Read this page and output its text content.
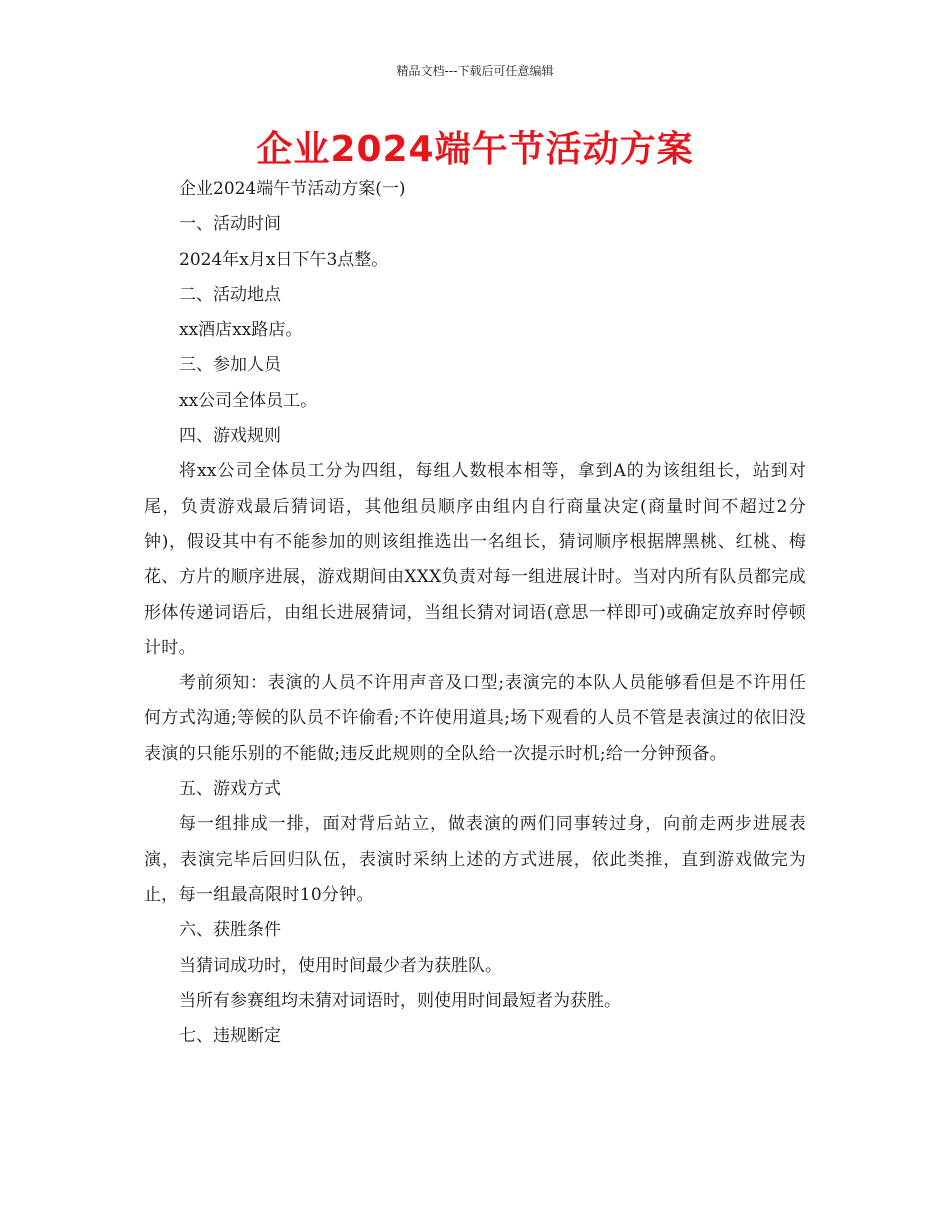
精品文档---下载后可任意编辑
企业2024端午节活动方案

企业2024端午节活动方案(一)

一、活动时间

2024年x月x日下午3点整。

二、活动地点

xx酒店xx路店。

三、参加人员

xx公司全体员工。

四、游戏规则

将xx公司全体员工分为四组，每组人数根本相等，拿到A的为该组组长，站到对尾，负责游戏最后猜词语，其他组员顺序由组内自行商量决定(商量时间不超过2分钟)，假设其中有不能参加的则该组推选出一名组长，猜词顺序根据牌黑桃、红桃、梅花、方片的顺序进展，游戏期间由XXX负责对每一组进展计时。当对内所有队员都完成形体传递词语后，由组长进展猜词，当组长猜对词语(意思一样即可)或确定放弃时停顿计时。

考前须知：表演的人员不许用声音及口型;表演完的本队人员能够看但是不许用任何方式沟通;等候的队员不许偷看;不许使用道具;场下观看的人员不管是表演过的依旧没表演的只能乐别的不能做;违反此规则的全队给一次提示时机;给一分钟预备。

五、游戏方式

每一组排成一排，面对背后站立，做表演的两们同事转过身，向前走两步进展表演，表演完毕后回归队伍，表演时采纳上述的方式进展，依此类推，直到游戏做完为止，每一组最高限时10分钟。

六、获胜条件

当猜词成功时，使用时间最少者为获胜队。

当所有参赛组均未猜对词语时，则使用时间最短者为获胜。

七、违规断定
